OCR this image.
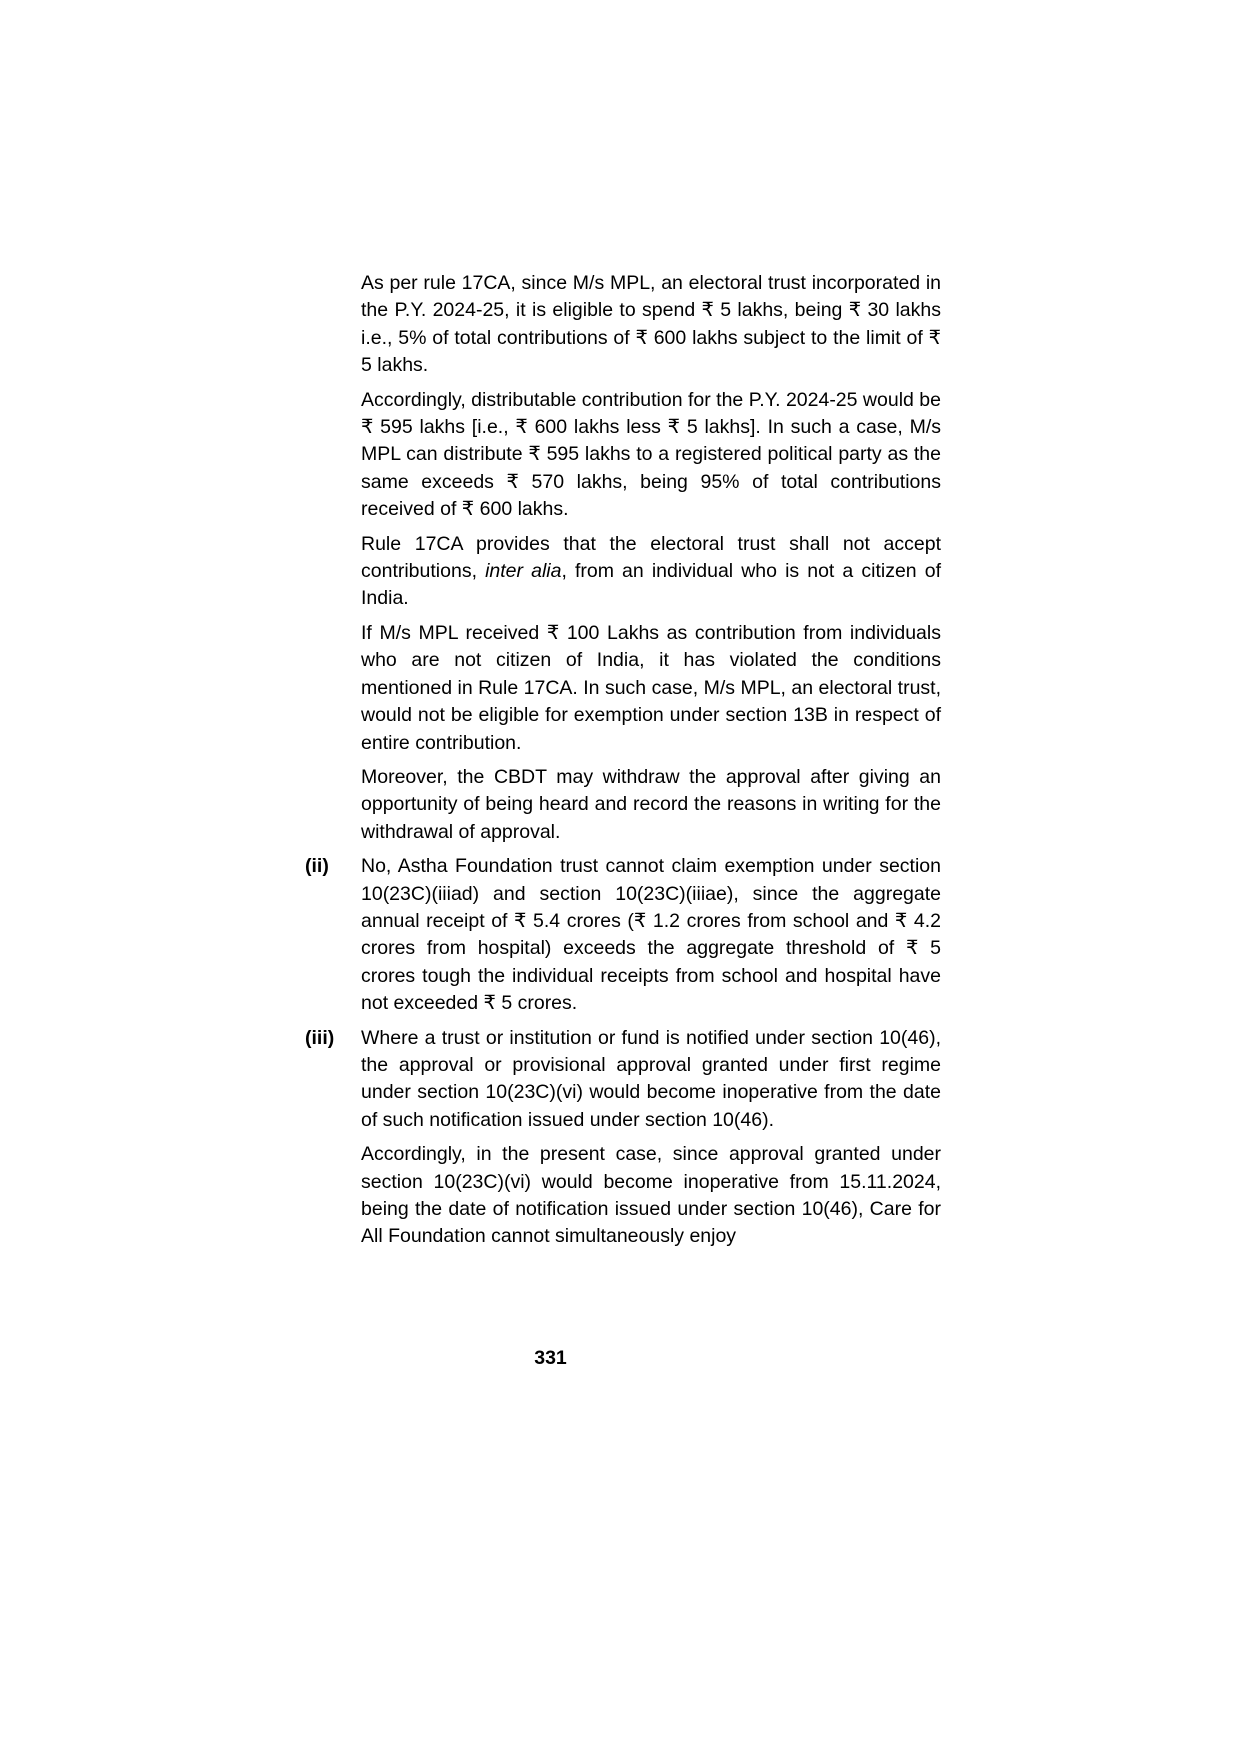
As per rule 17CA, since M/s MPL, an electoral trust incorporated in the P.Y. 2024-25, it is eligible to spend ₹ 5 lakhs, being ₹ 30 lakhs i.e., 5% of total contributions of ₹ 600 lakhs subject to the limit of ₹ 5 lakhs.

Accordingly, distributable contribution for the P.Y. 2024-25 would be ₹ 595 lakhs [i.e., ₹ 600 lakhs less ₹ 5 lakhs]. In such a case, M/s MPL can distribute ₹ 595 lakhs to a registered political party as the same exceeds ₹ 570 lakhs, being 95% of total contributions received of ₹ 600 lakhs.

Rule 17CA provides that the electoral trust shall not accept contributions, inter alia, from an individual who is not a citizen of India.

If M/s MPL received ₹ 100 Lakhs as contribution from individuals who are not citizen of India, it has violated the conditions mentioned in Rule 17CA. In such case, M/s MPL, an electoral trust, would not be eligible for exemption under section 13B in respect of entire contribution.

Moreover, the CBDT may withdraw the approval after giving an opportunity of being heard and record the reasons in writing for the withdrawal of approval.

(ii) No, Astha Foundation trust cannot claim exemption under section 10(23C)(iiiad) and section 10(23C)(iiiae), since the aggregate annual receipt of ₹ 5.4 crores (₹ 1.2 crores from school and ₹ 4.2 crores from hospital) exceeds the aggregate threshold of ₹ 5 crores tough the individual receipts from school and hospital have not exceeded ₹ 5 crores.

(iii) Where a trust or institution or fund is notified under section 10(46), the approval or provisional approval granted under first regime under section 10(23C)(vi) would become inoperative from the date of such notification issued under section 10(46).

Accordingly, in the present case, since approval granted under section 10(23C)(vi) would become inoperative from 15.11.2024, being the date of notification issued under section 10(46), Care for All Foundation cannot simultaneously enjoy

331
